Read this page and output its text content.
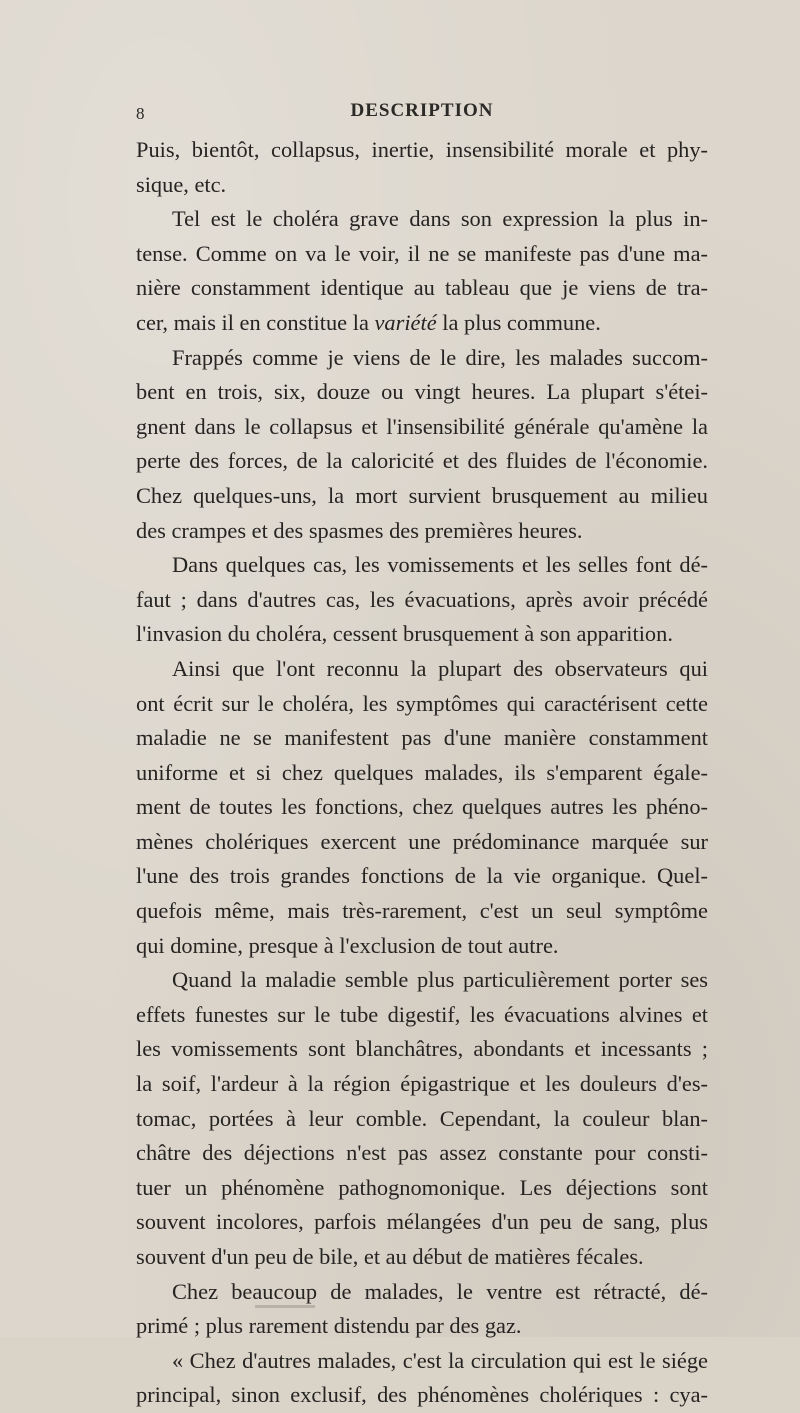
8	DESCRIPTION
Puis, bientôt, collapsus, inertie, insensibilité morale et phy-
sique, etc.
Tel est le choléra grave dans son expression la plus in-
tense. Comme on va le voir, il ne se manifeste pas d'une ma-
nière constamment identique au tableau que je viens de tra-
cer, mais il en constitue la variété la plus commune.
Frappés comme je viens de le dire, les malades succom-
bent en trois, six, douze ou vingt heures. La plupart s'étei-
gnent dans le collapsus et l'insensibilité générale qu'amène la
perte des forces, de la caloricité et des fluides de l'économie.
Chez quelques-uns, la mort survient brusquement au milieu
des crampes et des spasmes des premières heures.
Dans quelques cas, les vomissements et les selles font dé-
faut ; dans d'autres cas, les évacuations, après avoir précédé
l'invasion du choléra, cessent brusquement à son apparition.
Ainsi que l'ont reconnu la plupart des observateurs qui
ont écrit sur le choléra, les symptômes qui caractérisent cette
maladie ne se manifestent pas d'une manière constamment
uniforme et si chez quelques malades, ils s'emparent égale-
ment de toutes les fonctions, chez quelques autres les phéno-
mènes cholériques exercent une prédominance marquée sur
l'une des trois grandes fonctions de la vie organique. Quel-
quefois même, mais très-rarement, c'est un seul symptôme
qui domine, presque à l'exclusion de tout autre.
Quand la maladie semble plus particulièrement porter ses
effets funestes sur le tube digestif, les évacuations alvines et
les vomissements sont blanchâtres, abondants et incessants ;
la soif, l'ardeur à la région épigastrique et les douleurs d'es-
tomac, portées à leur comble. Cependant, la couleur blan-
châtre des déjections n'est pas assez constante pour consti-
tuer un phénomène pathognomonique. Les déjections sont
souvent incolores, parfois mélangées d'un peu de sang, plus
souvent d'un peu de bile, et au début de matières fécales.
Chez beaucoup de malades, le ventre est rétracté, dé-
primé ; plus rarement distendu par des gaz.
« Chez d'autres malades, c'est la circulation qui est le siége
principal, sinon exclusif, des phénomènes cholériques : cya-
